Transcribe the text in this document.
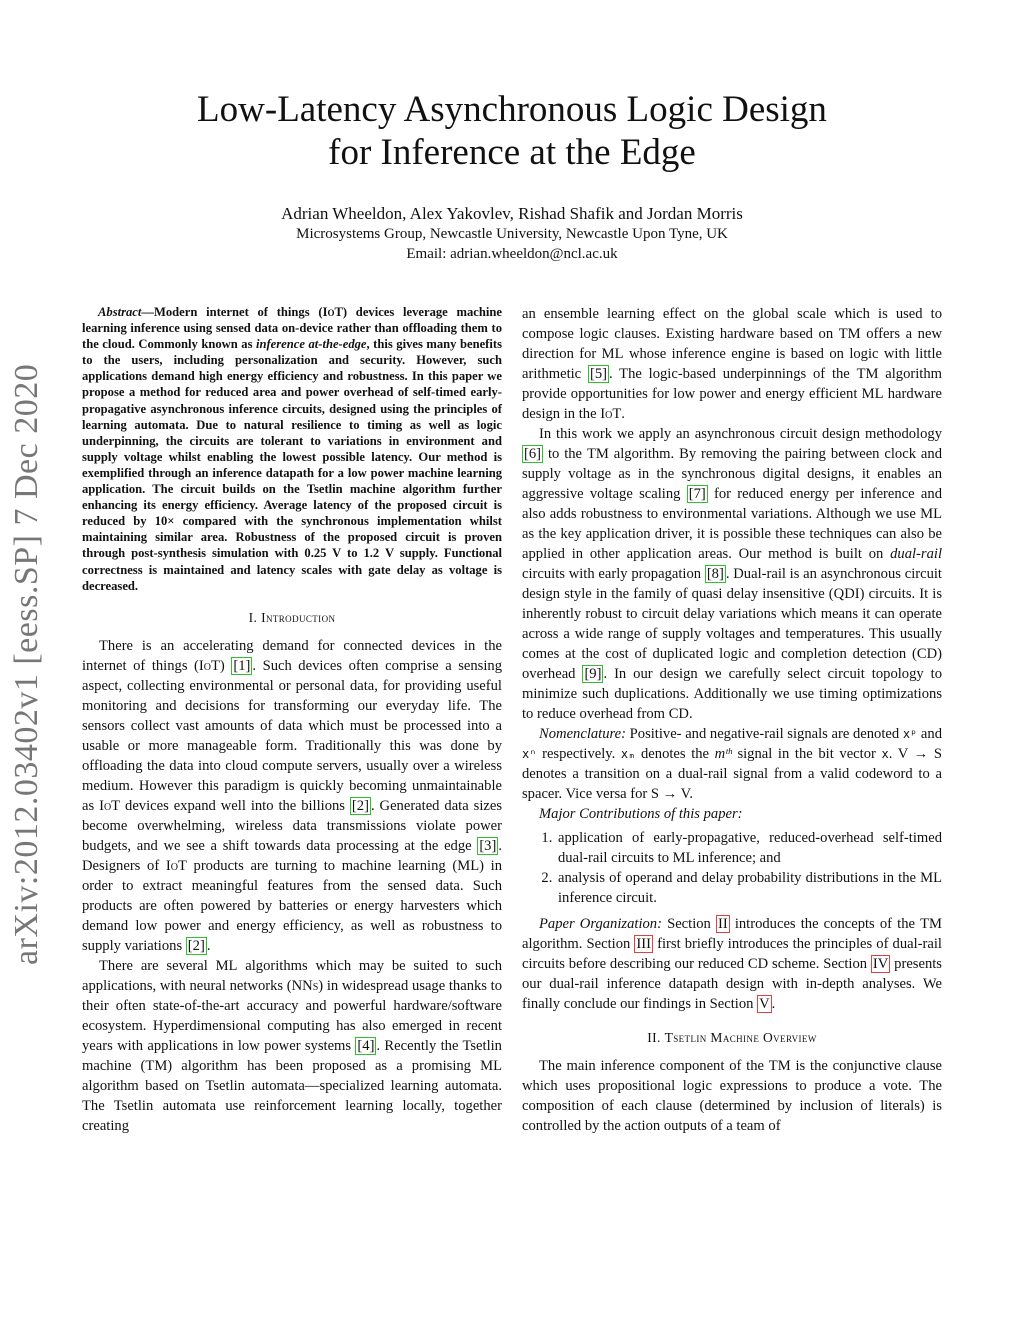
arXiv:2012.03402v1 [eess.SP] 7 Dec 2020
Low-Latency Asynchronous Logic Design
for Inference at the Edge
Adrian Wheeldon, Alex Yakovlev, Rishad Shafik and Jordan Morris
Microsystems Group, Newcastle University, Newcastle Upon Tyne, UK
Email: adrian.wheeldon@ncl.ac.uk

Abstract—Modern internet of things (IoT) devices leverage machine learning inference using sensed data on-device rather than offloading them to the cloud. Commonly known as inference at-the-edge, this gives many benefits to the users, including personalization and security. However, such applications demand high energy efficiency and robustness. In this paper we propose a method for reduced area and power overhead of self-timed early-propagative asynchronous inference circuits, designed using the principles of learning automata. Due to natural resilience to timing as well as logic underpinning, the circuits are tolerant to variations in environment and supply voltage whilst enabling the lowest possible latency. Our method is exemplified through an inference datapath for a low power machine learning application. The circuit builds on the Tsetlin machine algorithm further enhancing its energy efficiency. Average latency of the proposed circuit is reduced by 10× compared with the synchronous implementation whilst maintaining similar area. Robustness of the proposed circuit is proven through post-synthesis simulation with 0.25 V to 1.2 V supply. Functional correctness is maintained and latency scales with gate delay as voltage is decreased.

I. Introduction

There is an accelerating demand for connected devices in the internet of things (IoT) [1] . Such devices often comprise a sensing aspect, collecting environmental or personal data, for providing useful monitoring and decisions for transforming our everyday life. The sensors collect vast amounts of data which must be processed into a usable or more manageable form. Traditionally this was done by offloading the data into cloud compute servers, usually over a wireless medium. However this paradigm is quickly becoming unmaintainable as IoT devices expand well into the billions [2] . Generated data sizes become overwhelming, wireless data transmissions violate power budgets, and we see a shift towards data processing at the edge [3] . Designers of IoT products are turning to machine learning (ML) in order to extract meaningful features from the sensed data. Such products are often powered by batteries or energy harvesters which demand low power and energy efficiency, as well as robustness to supply variations [2] .

There are several ML algorithms which may be suited to such applications, with neural networks (NNs) in widespread usage thanks to their often state-of-the-art accuracy and powerful hardware/software ecosystem. Hyperdimensional computing has also emerged in recent years with applications in low power systems [4] . Recently the Tsetlin machine (TM) algorithm has been proposed as a promising ML algorithm based on Tsetlin automata—specialized learning automata. The Tsetlin automata use reinforcement learning locally, together creating

an ensemble learning effect on the global scale which is used to compose logic clauses. Existing hardware based on TM offers a new direction for ML whose inference engine is based on logic with little arithmetic [5] . The logic-based underpinnings of the TM algorithm provide opportunities for low power and energy efficient ML hardware design in the IoT.

In this work we apply an asynchronous circuit design methodology [6] to the TM algorithm. By removing the pairing between clock and supply voltage as in the synchronous digital designs, it enables an aggressive voltage scaling [7] for reduced energy per inference and also adds robustness to environmental variations. Although we use ML as the key application driver, it is possible these techniques can also be applied in other application areas. Our method is built on dual-rail circuits with early propagation [8] . Dual-rail is an asynchronous circuit design style in the family of quasi delay insensitive (QDI) circuits. It is inherently robust to circuit delay variations which means it can operate across a wide range of supply voltages and temperatures. This usually comes at the cost of duplicated logic and completion detection (CD) overhead [9] . In our design we carefully select circuit topology to minimize such duplications. Additionally we use timing optimizations to reduce overhead from CD.

Nomenclature: Positive- and negative-rail signals are denoted xᵖ and xⁿ respectively. xₘ denotes the mᵗʰ signal in the bit vector x. V → S denotes a transition on a dual-rail signal from a valid codeword to a spacer. Vice versa for S → V.

Major Contributions of this paper:

1. application of early-propagative, reduced-overhead self-timed dual-rail circuits to ML inference; and
2. analysis of operand and delay probability distributions in the ML inference circuit.

Paper Organization: Section II introduces the concepts of the TM algorithm. Section III first briefly introduces the principles of dual-rail circuits before describing our reduced CD scheme. Section IV presents our dual-rail inference datapath design with in-depth analyses. We finally conclude our findings in Section V .

II. Tsetlin Machine Overview

The main inference component of the TM is the conjunctive clause which uses propositional logic expressions to produce a vote. The composition of each clause (determined by inclusion of literals) is controlled by the action outputs of a team of
